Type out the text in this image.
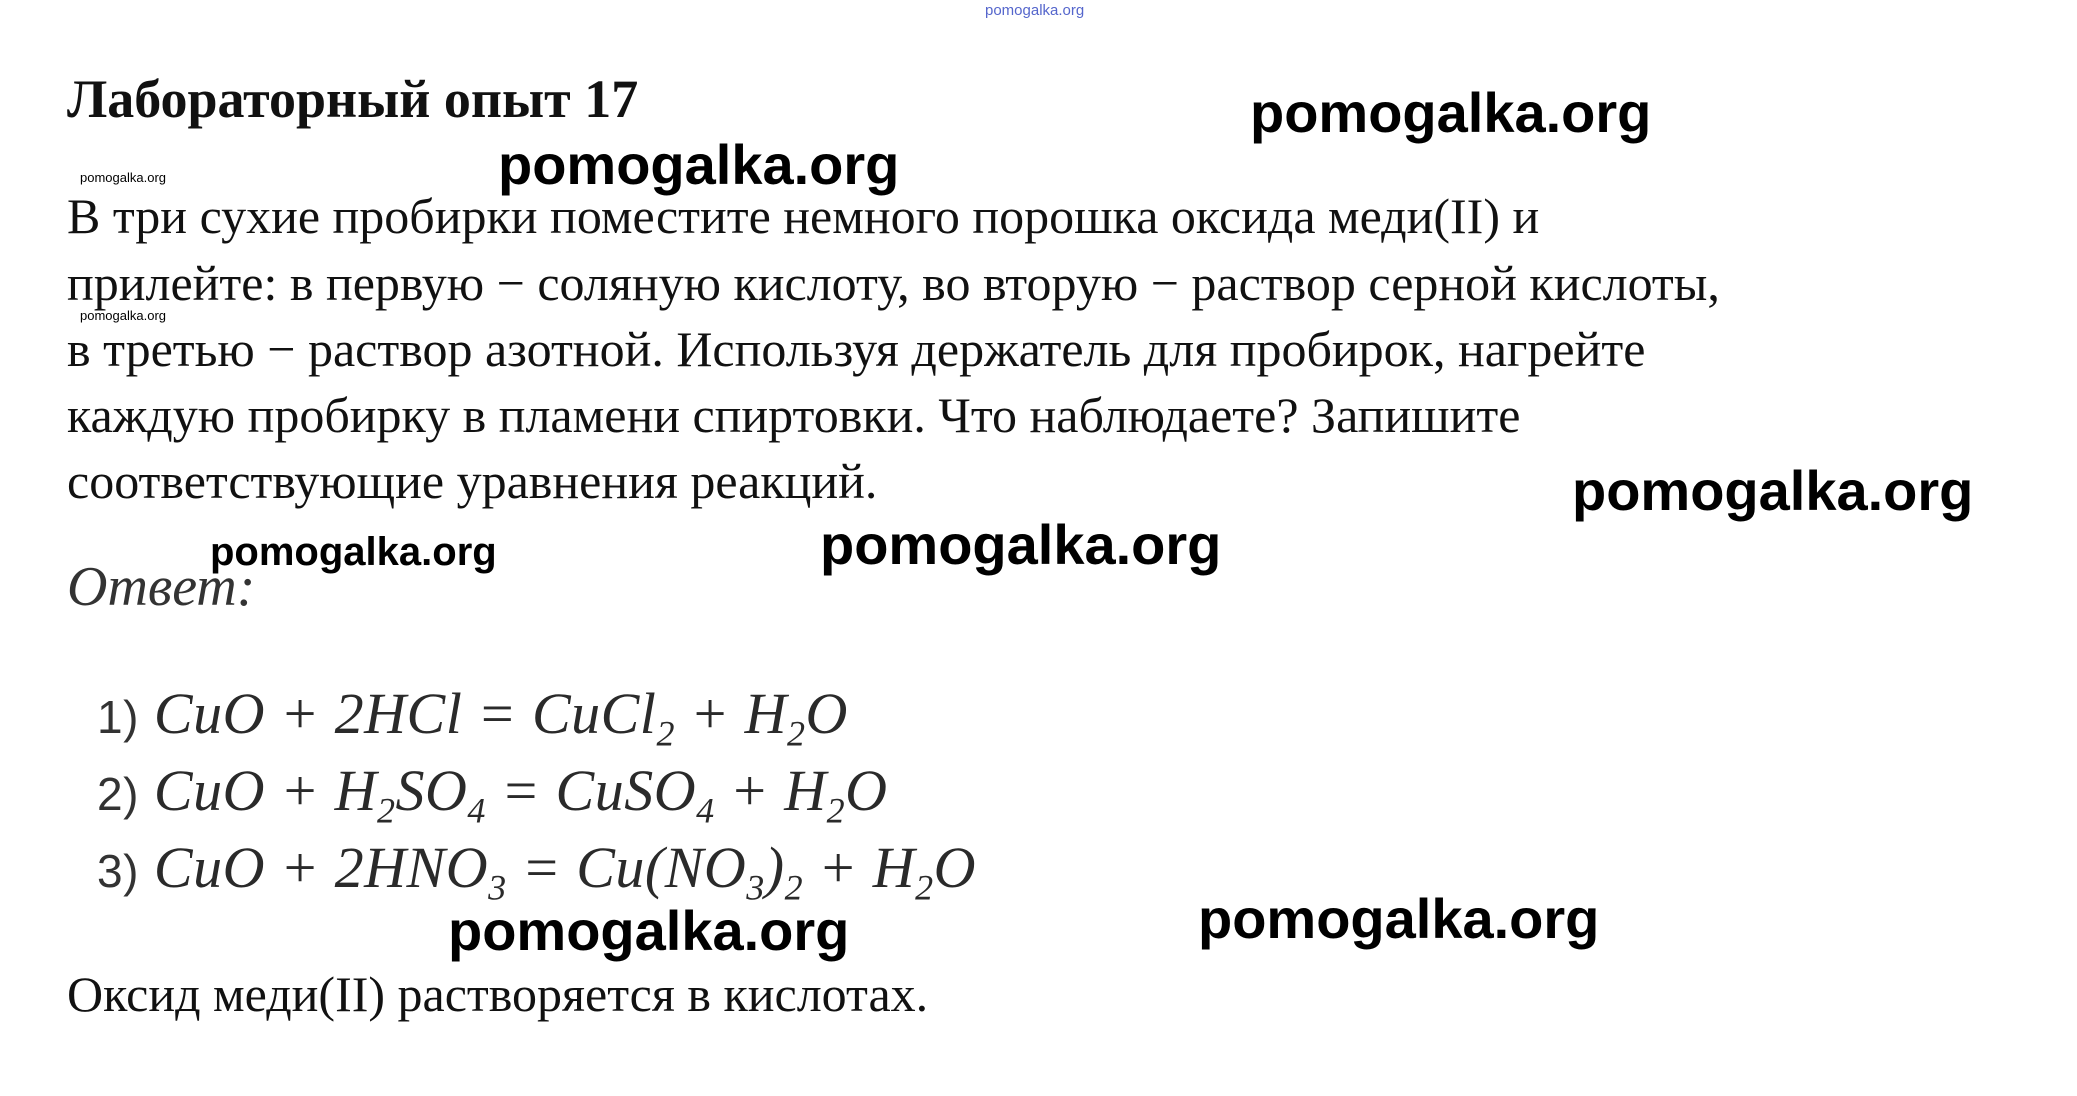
pomogalka.org
Лабораторный опыт 17
В три сухие пробирки поместите немного порошка оксида меди(II) и
прилейте: в первую − соляную кислоту, во вторую − раствор серной кислоты,
в третью − раствор азотной. Используя держатель для пробирок, нагрейте
каждую пробирку в пламени спиртовки. Что наблюдаете? Запишите
соответствующие уравнения реакций.
Ответ:
1) CuO + 2HCl = CuCl$_2$ + $H_2O$
2) CuO + $H_2SO_4$ = CuSO$_4$ + $H_2O$
3) CuO + $2HNO_3 = Cu(NO_3)_2 + H_2O$
Оксид меди(II) растворяется в кислотах.
pomogalka.org
pomogalka.org
pomogalka.org
pomogalka.org
pomogalka.org
pomogalka.org
pomogalka.org
pomogalka.org	pomogalka.org
